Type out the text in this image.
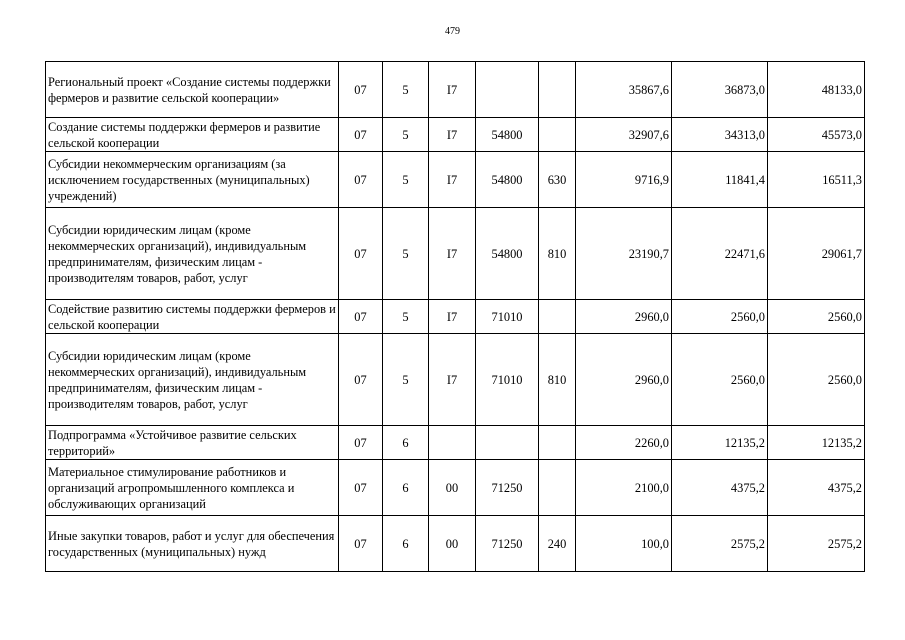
479
Региональный проект «Создание системы поддержки фермеров и развитие сельской кооперации»	07	5	I7			35867,6	36873,0	48133,0
Создание системы поддержки фермеров и развитие сельской кооперации	07	5	I7	54800		32907,6	34313,0	45573,0
Субсидии некоммерческим организациям (за исключением государственных (муниципальных) учреждений)	07	5	I7	54800	630	9716,9	11841,4	16511,3
Субсидии юридическим лицам (кроме некоммерческих организаций), индивидуальным предпринимателям, физическим лицам - производителям товаров, работ, услуг	07	5	I7	54800	810	23190,7	22471,6	29061,7
Содействие развитию системы поддержки фермеров и сельской кооперации	07	5	I7	71010		2960,0	2560,0	2560,0
Субсидии юридическим лицам (кроме некоммерческих организаций), индивидуальным предпринимателям, физическим лицам - производителям товаров, работ, услуг	07	5	I7	71010	810	2960,0	2560,0	2560,0
Подпрограмма «Устойчивое развитие сельских территорий»	07	6				2260,0	12135,2	12135,2
Материальное стимулирование работников и организаций агропромышленного комплекса и обслуживающих организаций	07	6	00	71250		2100,0	4375,2	4375,2
Иные закупки товаров, работ и услуг для обеспечения государственных (муниципальных) нужд	07	6	00	71250	240	100,0	2575,2	2575,2
